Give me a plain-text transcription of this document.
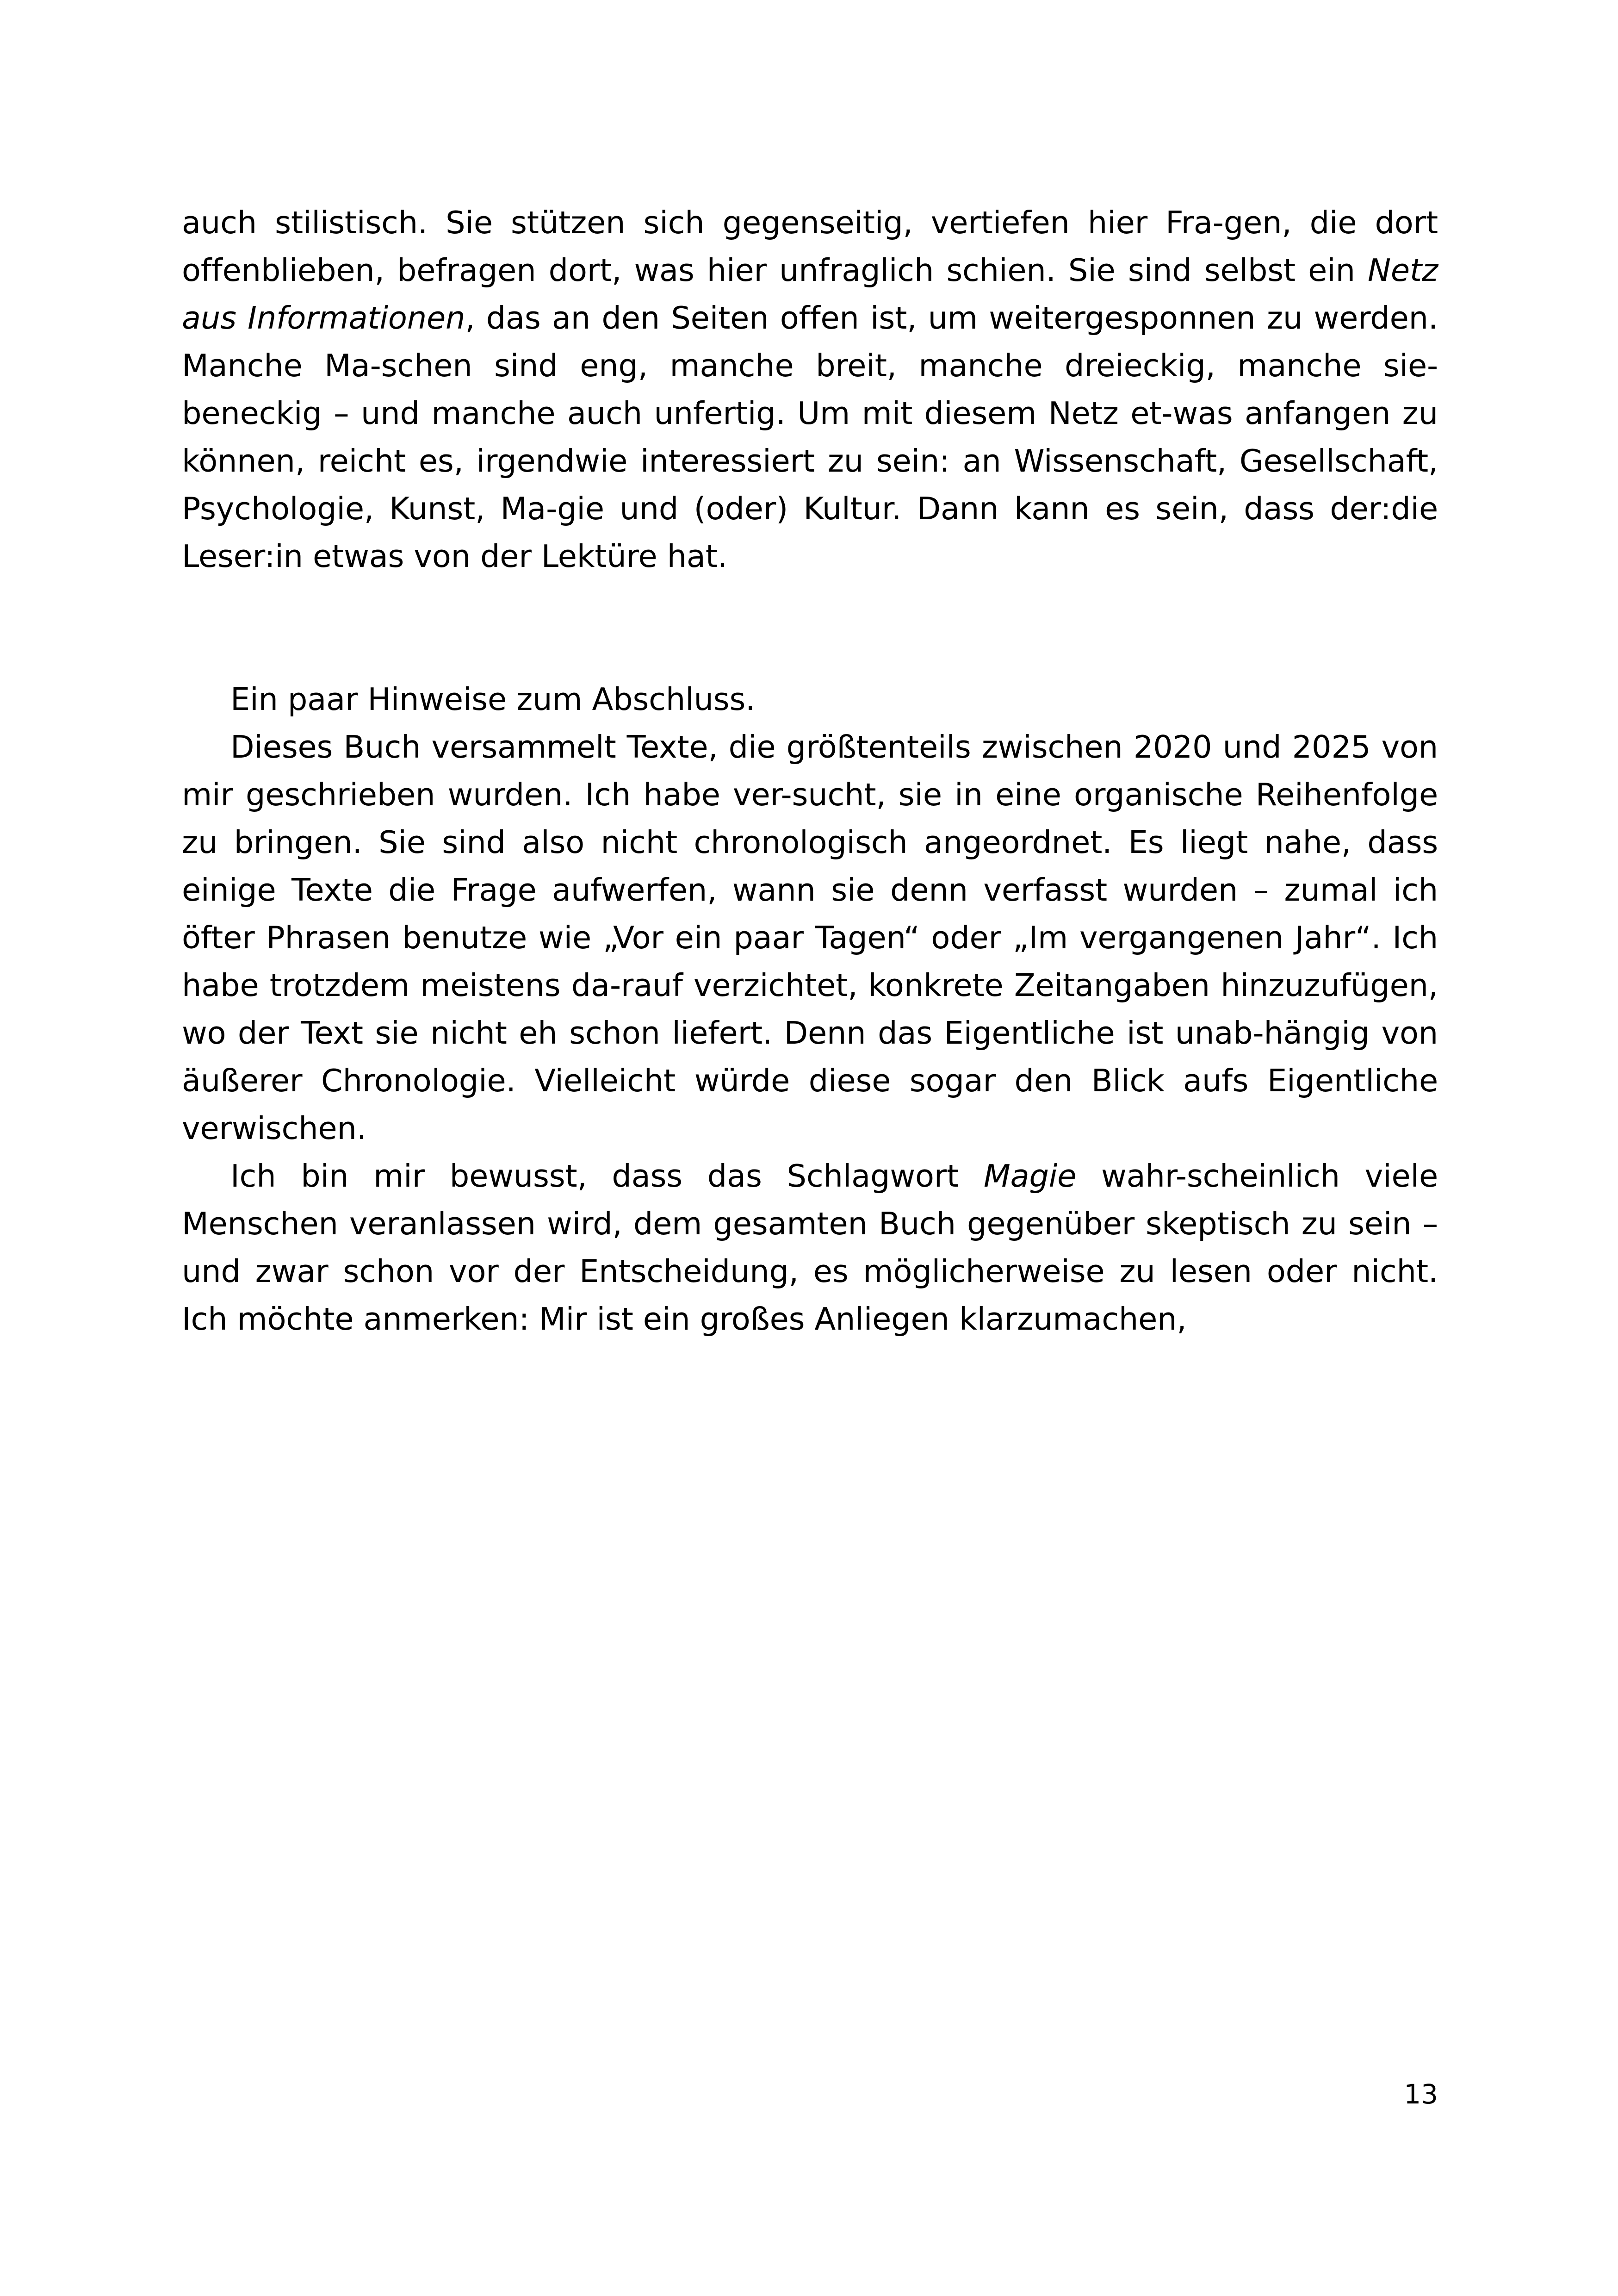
auch stilistisch. Sie stützen sich gegenseitig, vertiefen hier Fra-gen, die dort offenblieben, befragen dort, was hier unfraglich schien. Sie sind selbst ein Netz aus Informationen, das an den Seiten offen ist, um weitergesponnen zu werden. Manche Ma-schen sind eng, manche breit, manche dreieckig, manche sie-beneckig – und manche auch unfertig. Um mit diesem Netz et-was anfangen zu können, reicht es, irgendwie interessiert zu sein: an Wissenschaft, Gesellschaft, Psychologie, Kunst, Ma-gie und (oder) Kultur. Dann kann es sein, dass der:die Leser:in etwas von der Lektüre hat.

Ein paar Hinweise zum Abschluss.

Dieses Buch versammelt Texte, die größtenteils zwischen 2020 und 2025 von mir geschrieben wurden. Ich habe ver-sucht, sie in eine organische Reihenfolge zu bringen. Sie sind also nicht chronologisch angeordnet. Es liegt nahe, dass einige Texte die Frage aufwerfen, wann sie denn verfasst wurden – zumal ich öfter Phrasen benutze wie „Vor ein paar Tagen“ oder „Im vergangenen Jahr“. Ich habe trotzdem meistens da-rauf verzichtet, konkrete Zeitangaben hinzuzufügen, wo der Text sie nicht eh schon liefert. Denn das Eigentliche ist unab-hängig von äußerer Chronologie. Vielleicht würde diese sogar den Blick aufs Eigentliche verwischen.

Ich bin mir bewusst, dass das Schlagwort Magie wahr-scheinlich viele Menschen veranlassen wird, dem gesamten Buch gegenüber skeptisch zu sein – und zwar schon vor der Entscheidung, es möglicherweise zu lesen oder nicht. Ich möchte anmerken: Mir ist ein großes Anliegen klarzumachen,

13
